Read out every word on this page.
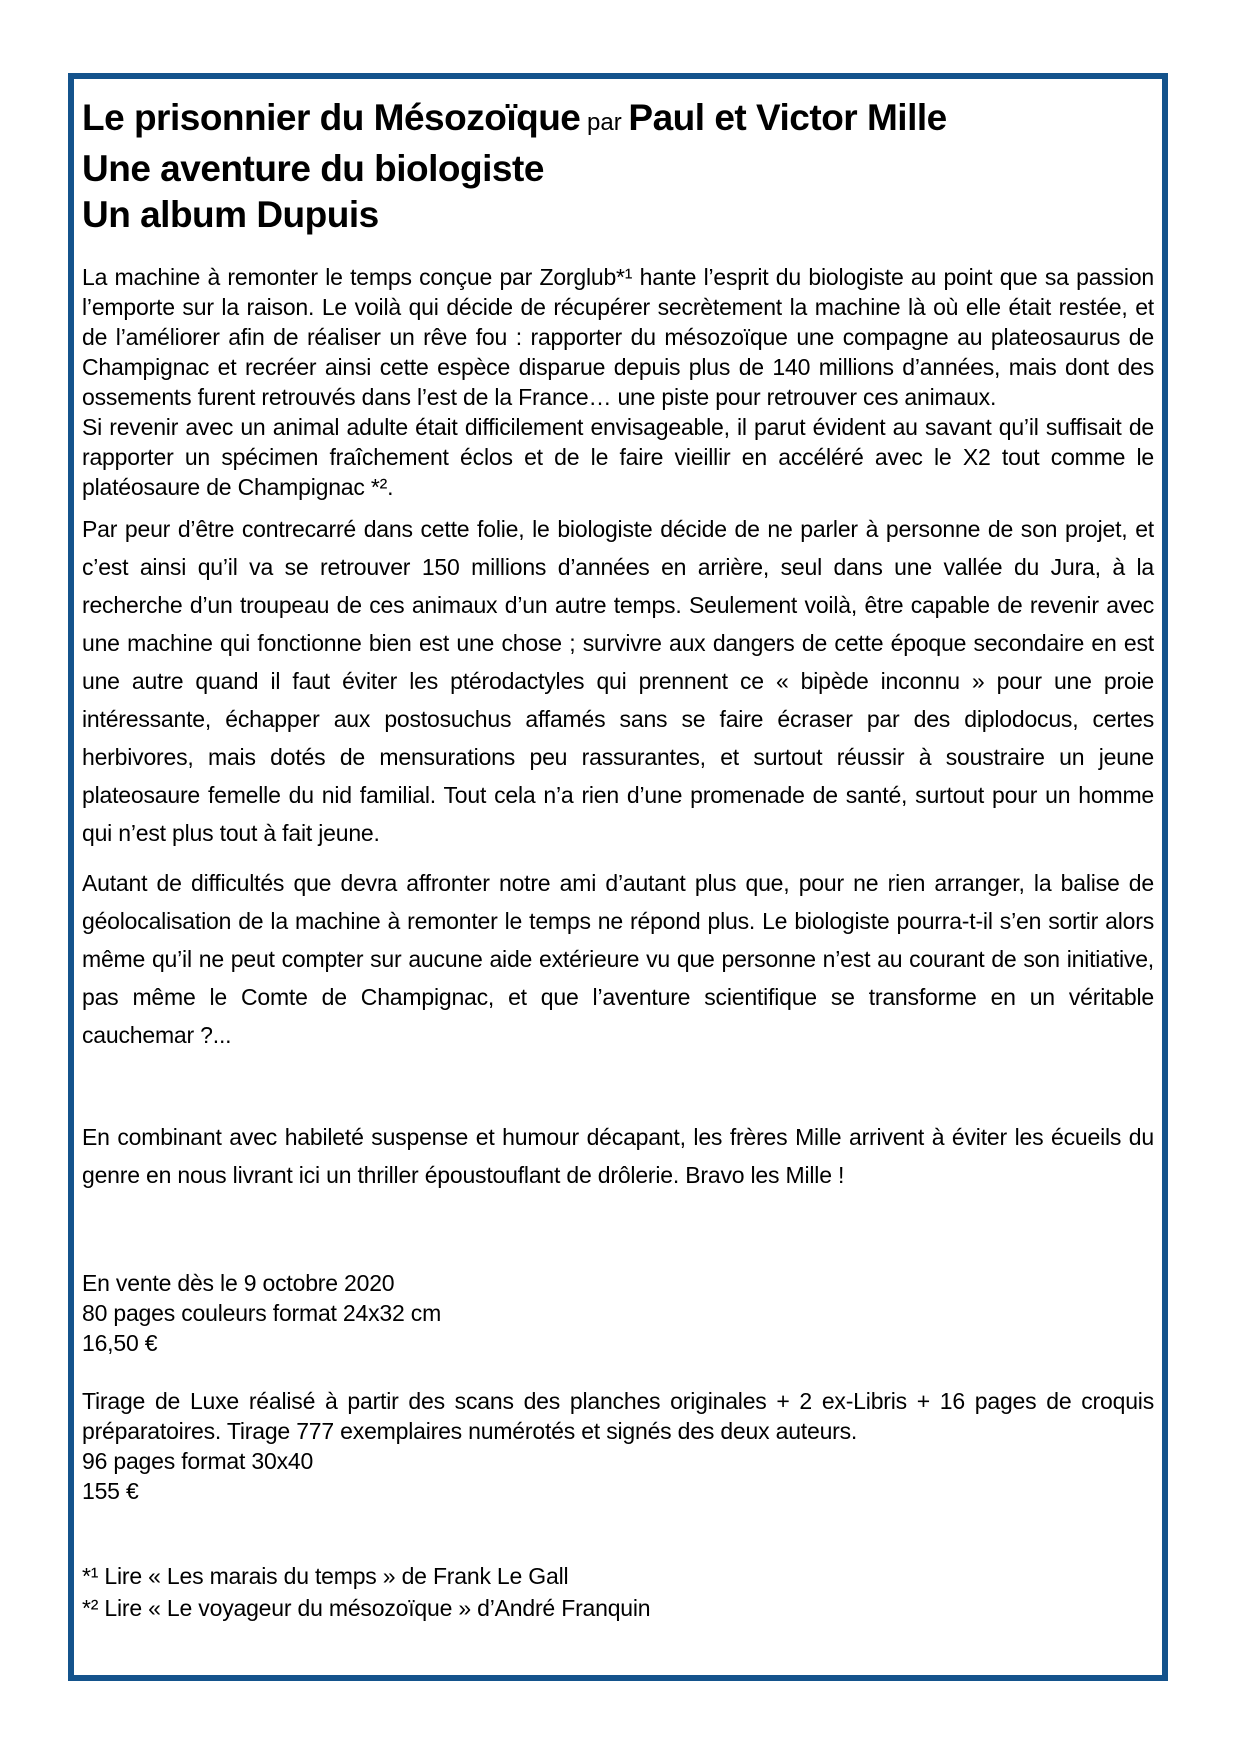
Le prisonnier du Mésozoïque par Paul et Victor Mille
Une aventure du biologiste
Un album Dupuis

La machine à remonter le temps conçue par Zorglub*¹ hante l’esprit du biologiste au point que sa passion l’emporte sur la raison. Le voilà qui décide de récupérer secrètement la machine là où elle était restée, et de l’améliorer afin de réaliser un rêve fou : rapporter du mésozoïque une compagne au plateosaurus de Champignac et recréer ainsi cette espèce disparue depuis plus de 140 millions d’années, mais dont des ossements furent retrouvés dans l’est de la France… une piste pour retrouver ces animaux.

Si revenir avec un animal adulte était difficilement envisageable, il parut évident au savant qu’il suffisait de rapporter un spécimen fraîchement éclos et de le faire vieillir en accéléré avec le X2 tout comme le platéosaure de Champignac *².

Par peur d’être contrecarré dans cette folie, le biologiste décide de ne parler à personne de son projet, et c’est ainsi qu’il va se retrouver 150 millions d’années en arrière, seul dans une vallée du Jura, à la recherche d’un troupeau de ces animaux d’un autre temps. Seulement voilà, être capable de revenir avec une machine qui fonctionne bien est une chose ; survivre aux dangers de cette époque secondaire en est une autre quand il faut éviter les ptérodactyles qui prennent ce « bipède inconnu » pour une proie intéressante, échapper aux postosuchus affamés sans se faire écraser par des diplodocus, certes herbivores, mais dotés de mensurations peu rassurantes, et surtout réussir à soustraire un jeune plateosaure femelle du nid familial. Tout cela n’a rien d’une promenade de santé, surtout pour un homme qui n’est plus tout à fait jeune.

Autant de difficultés que devra affronter notre ami d’autant plus que, pour ne rien arranger, la balise de géolocalisation de la machine à remonter le temps ne répond plus. Le biologiste pourra-t-il s’en sortir alors même qu’il ne peut compter sur aucune aide extérieure vu que personne n’est au courant de son initiative, pas même le Comte de Champignac, et que l’aventure scientifique se transforme en un véritable cauchemar ?...

En combinant avec habileté suspense et humour décapant, les frères Mille arrivent à éviter les écueils du genre en nous livrant ici un thriller époustouflant de drôlerie. Bravo les Mille !

En vente dès le 9 octobre 2020
80 pages couleurs format 24x32 cm
16,50 €

Tirage de Luxe réalisé à partir des scans des planches originales + 2 ex-Libris + 16 pages de croquis préparatoires. Tirage 777 exemplaires numérotés et signés des deux auteurs.

96 pages format 30x40
155 €
*¹ Lire « Les marais du temps » de Frank Le Gall
*² Lire « Le voyageur du mésozoïque » d’André Franquin
